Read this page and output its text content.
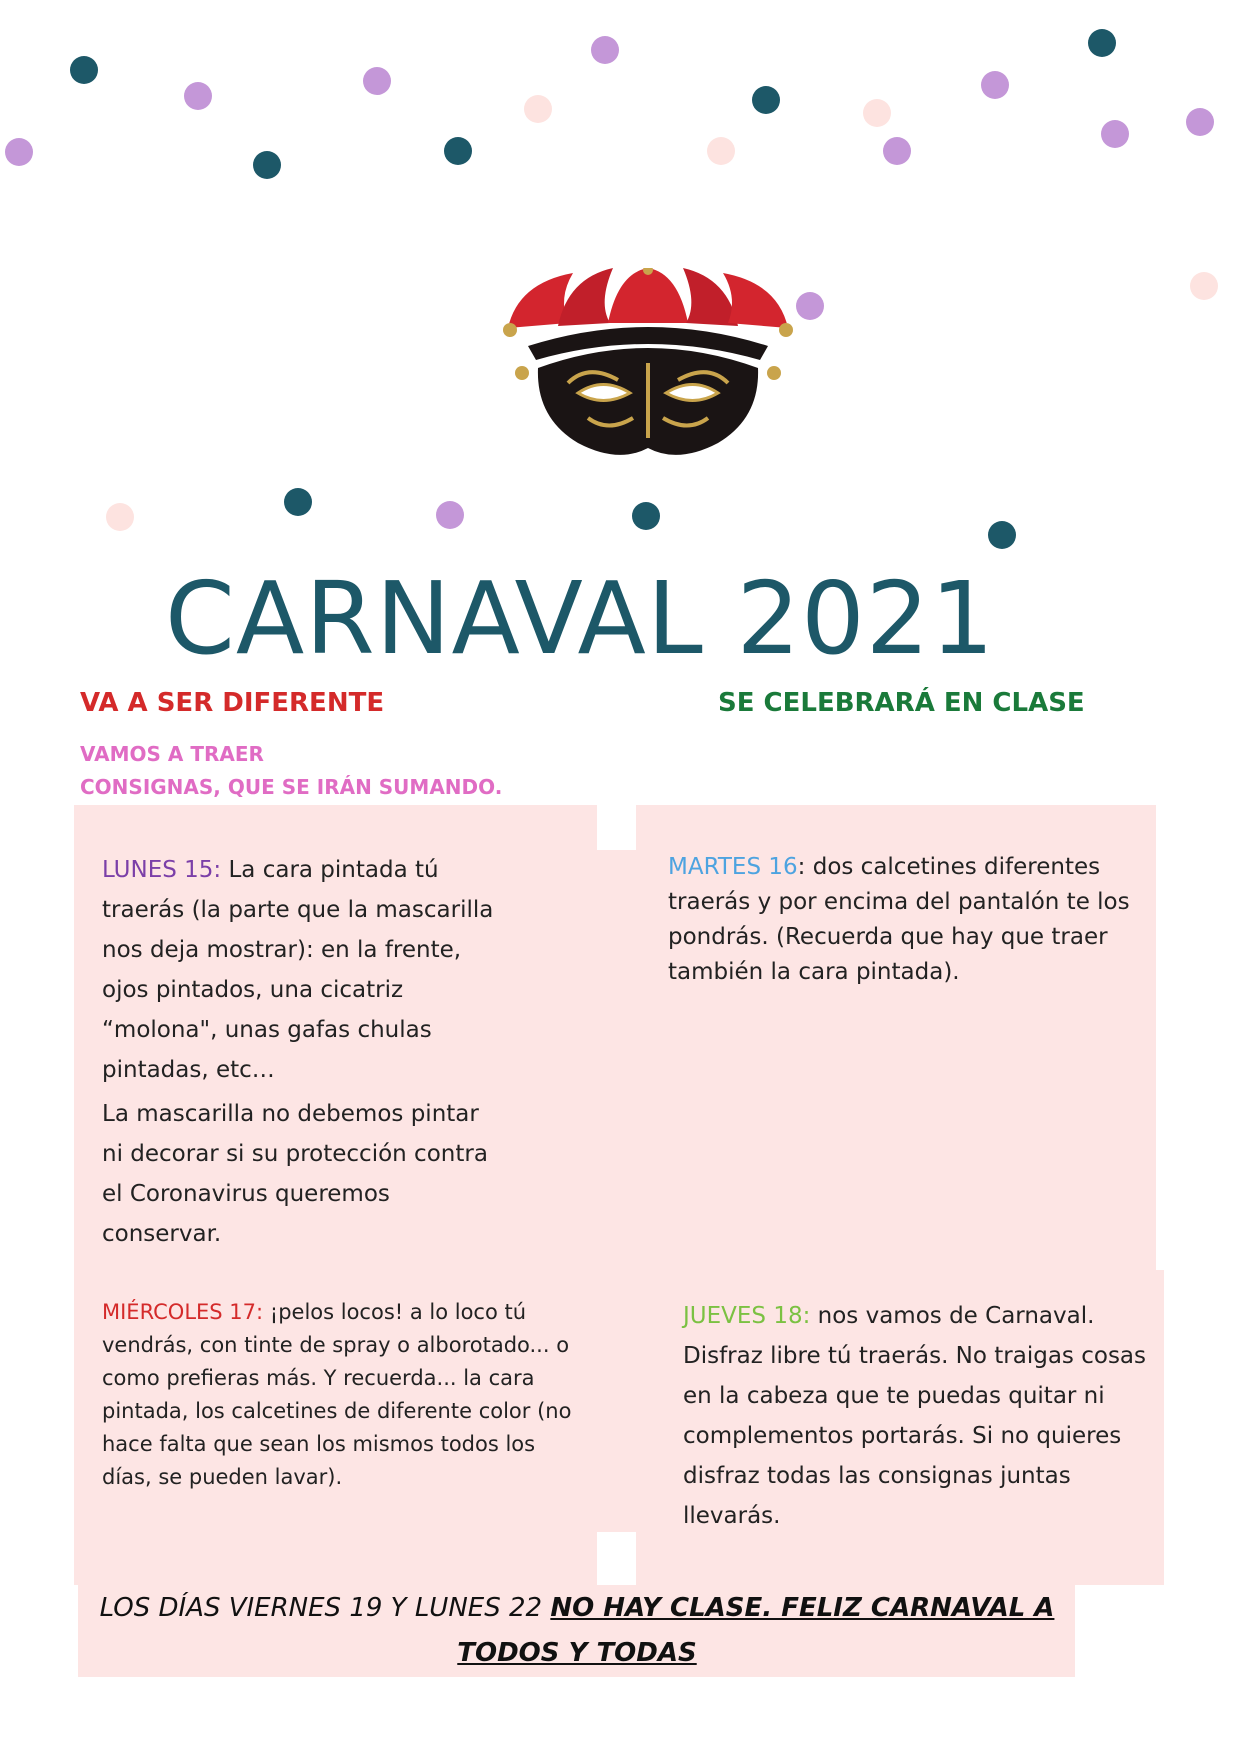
CARNAVAL 2021
VA A SER DIFERENTE	SE CELEBRARÁ EN CLASE
VAMOS A TRAER
CONSIGNAS, QUE SE IRÁN SUMANDO.

LUNES 15: La cara pintada tú traerás (la parte que la mascarilla nos deja mostrar): en la frente, ojos pintados, una cicatriz “molona", unas gafas chulas pintadas, etc…

La mascarilla no debemos pintar ni decorar si su protección contra el Coronavirus queremos conservar.

MARTES 16: dos calcetines diferentes traerás y por encima del pantalón te los pondrás. (Recuerda que hay que traer también la cara pintada).

MIÉRCOLES 17: ¡pelos locos! a lo loco tú vendrás, con tinte de spray o alborotado... o como prefieras más. Y recuerda... la cara pintada, los calcetines de diferente color (no hace falta que sean los mismos todos los días, se pueden lavar).

JUEVES 18: nos vamos de Carnaval. Disfraz libre tú traerás. No traigas cosas en la cabeza que te puedas quitar ni complementos portarás. Si no quieres disfraz todas las consignas juntas llevarás.

LOS DÍAS VIERNES 19 Y LUNES 22 NO HAY CLASE. FELIZ CARNAVAL A TODOS Y TODAS
